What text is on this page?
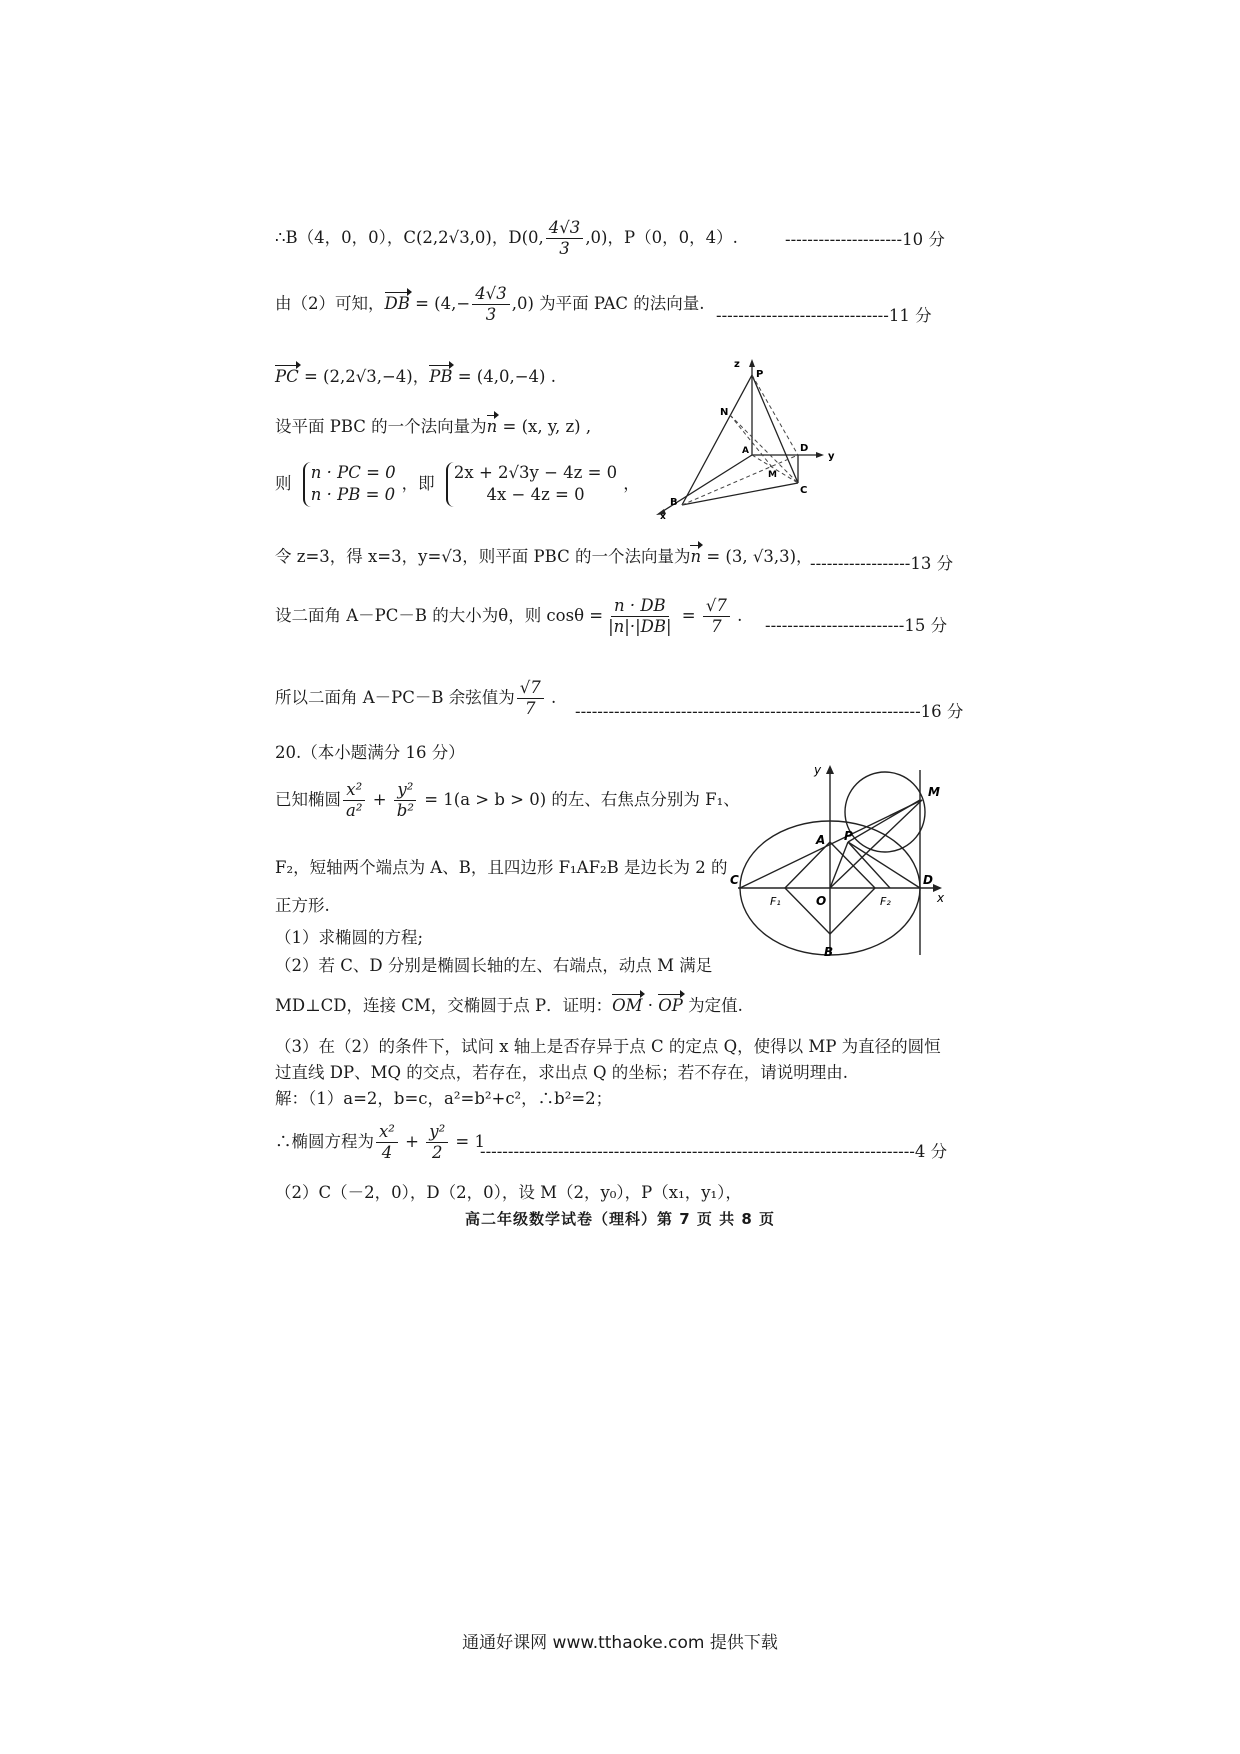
∴B（4，0，0），C(2,2√3,0)，D(0, $\frac{4√3}{3} ,0$)，P（0，0，4）.	---------------------10 分
由（2）可知，DB = $(4,- \frac{4√3}{3} ,0)$ 为平面 PAC 的法向量.
-------------------------------11 分
PC = (2,2√3,−4)，PB = (4,0,−4) .
设平面 PBC 的一个法向量为n = (x, y, z) ,
则
n · PC = 0
n · PB = 0
，即
2x + 2√3y − 4z = 0
4x − 4z = 0
，
z
P
N
A	D
y
M
C
B
x
令 z=3，得 x=3，y=√3，则平面 PBC 的一个法向量为n = (3, √3,3)，
------------------13 分
设二面角 A－PC－B 的大小为θ，则 $\cos\theta = \frac{n \cdot DB}{|n|\cdot|DB|} = \frac{√7}{7}$ .
-------------------------15 分
所以二面角 A－PC－B 余弦值为 $\frac{√7}{7}$ .
--------------------------------------------------------------16 分
20.（本小题满分 16 分）
已知椭圆 $\frac{\text{x²}}{\text{a²}} + \frac{\text{y²}}{\text{b²}} = 1(a > b > 0)$ 的左、右焦点分别为 F₁、
F₂，短轴两个端点为 A、B，且四边形 F₁AF₂B 是边长为 2 的
正方形.
（1）求椭圆的方程;
（2）若 C、D 分别是椭圆长轴的左、右端点，动点 M 满足
MD⊥CD，连接 CM，交椭圆于点 P．证明：OM · OP 为定值.
（3）在（2）的条件下，试问 x 轴上是否存异于点 C 的定点 Q，使得以 MP 为直径的圆恒
过直线 DP、MQ 的交点，若存在，求出点 Q 的坐标；若不存在，请说明理由.
解：（1）a=2，b=c，a²=b²+c²，∴b²=2；
∴椭圆方程为 $\frac{\text{x²}}{4} + \frac{\text{y²}}{2} = 1$
------------------------------------------------------------------------------4 分
（2）C（－2，0），D（2，0），设 M（2，y₀），P（x₁，y₁），
y
M
A P
C
O
D
x
F₁	F₂
B
高二年级数学试卷（理科）第 7 页 共 8 页
通通好课网 www.tthaoke.com 提供下载
